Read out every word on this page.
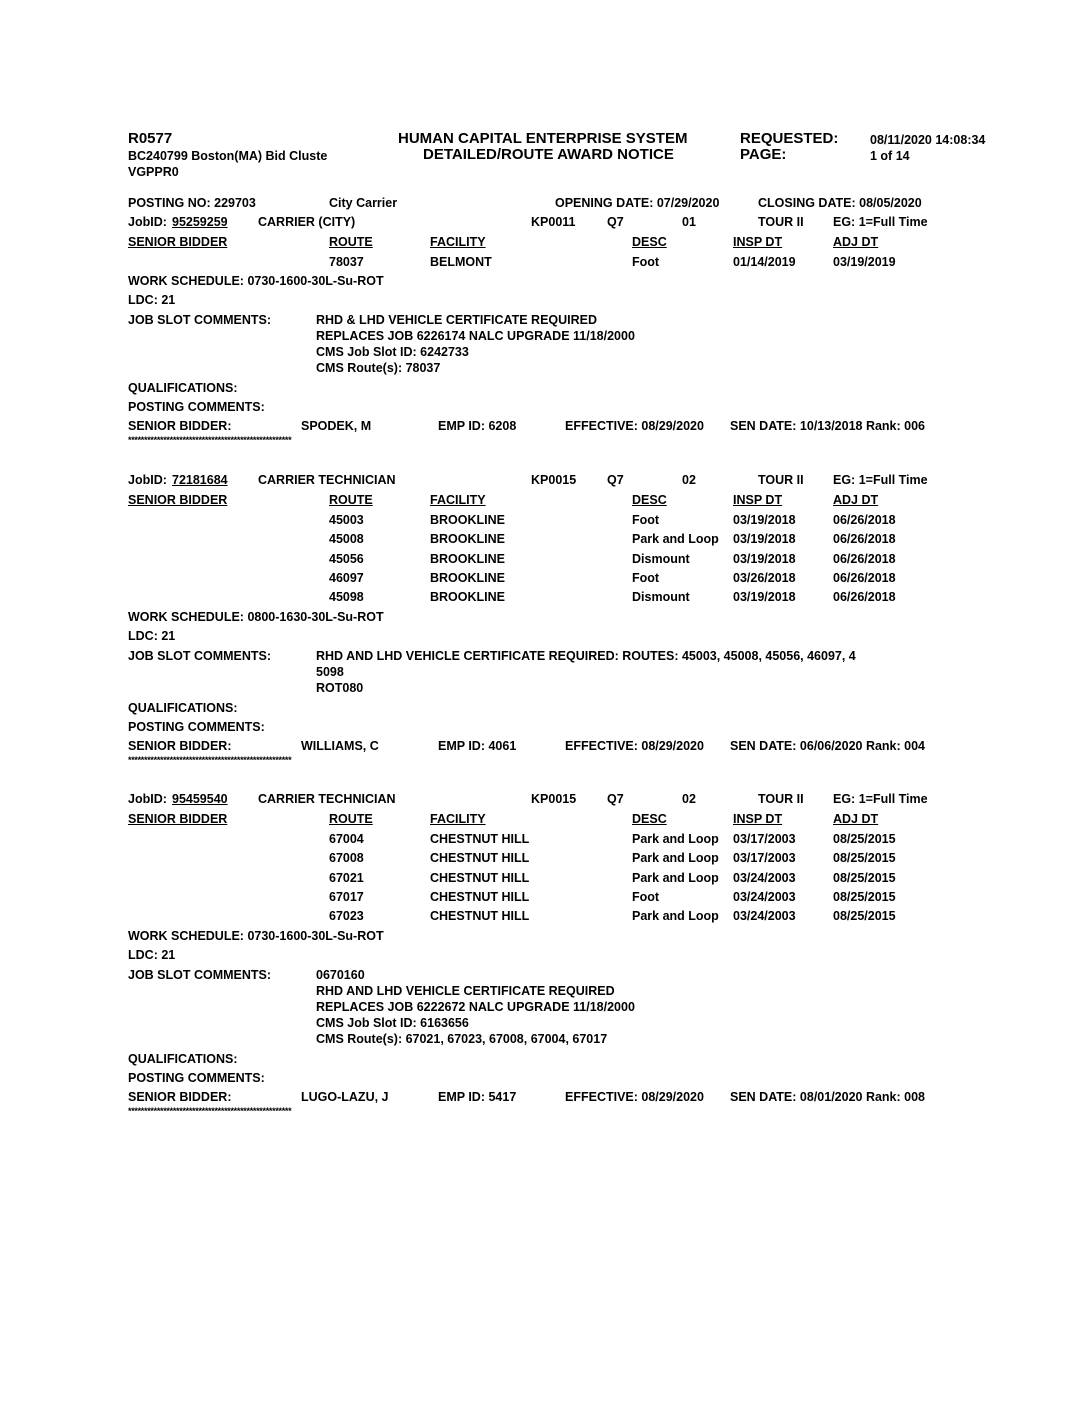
R0577
BC240799 Boston(MA) Bid Cluste
VGPPR0
HUMAN CAPITAL ENTERPRISE SYSTEM
DETAILED/ROUTE AWARD NOTICE
REQUESTED:
PAGE:
08/11/2020 14:08:34
1 of 14
POSTING NO: 229703	City Carrier	OPENING DATE: 07/29/2020	CLOSING DATE: 08/05/2020
JobID: 95259259 CARRIER (CITY)	KP0011	Q7	01	TOUR II EG: 1=Full Time
SENIOR BIDDER	ROUTE	FACILITY	DESC	INSP DT	ADJ DT
78037	BELMONT	Foot	01/14/2019	03/19/2019
WORK SCHEDULE: 0730-1600-30L-Su-ROT
LDC: 21
JOB SLOT COMMENTS:	RHD & LHD VEHICLE CERTIFICATE REQUIRED
REPLACES JOB 6226174 NALC UPGRADE 11/18/2000
CMS Job Slot ID: 6242733
CMS Route(s): 78037
QUALIFICATIONS:
POSTING COMMENTS:
SENIOR BIDDER:	SPODEK, M	EMP ID: 6208	EFFECTIVE: 08/29/2020 SEN DATE: 10/13/2018 Rank: 006
***************************************************
JobID: 72181684 CARRIER TECHNICIAN	KP0015 Q7	02	TOUR II EG: 1=Full Time
SENIOR BIDDER	ROUTE	FACILITY	DESC	INSP DT	ADJ DT
45003	BROOKLINE	Foot	03/19/2018	06/26/2018
45008	BROOKLINE	Park and Loop 03/19/2018	06/26/2018
45056	BROOKLINE	Dismount	03/19/2018	06/26/2018
46097	BROOKLINE	Foot	03/26/2018	06/26/2018
45098	BROOKLINE	Dismount	03/19/2018	06/26/2018
WORK SCHEDULE: 0800-1630-30L-Su-ROT
LDC: 21
JOB SLOT COMMENTS:	RHD AND LHD VEHICLE CERTIFICATE REQUIRED: ROUTES: 45003, 45008, 45056, 46097, 4
5098
ROT080
QUALIFICATIONS:
POSTING COMMENTS:
SENIOR BIDDER:	WILLIAMS, C	EMP ID: 4061	EFFECTIVE: 08/29/2020 SEN DATE: 06/06/2020 Rank: 004
***************************************************
JobID: 95459540 CARRIER TECHNICIAN	KP0015 Q7	02	TOUR II EG: 1=Full Time
SENIOR BIDDER	ROUTE	FACILITY	DESC	INSP DT	ADJ DT
67004	CHESTNUT HILL	Park and Loop 03/17/2003	08/25/2015
67008	CHESTNUT HILL	Park and Loop 03/17/2003	08/25/2015
67021	CHESTNUT HILL	Park and Loop 03/24/2003	08/25/2015
67017	CHESTNUT HILL	Foot	03/24/2003	08/25/2015
67023	CHESTNUT HILL	Park and Loop 03/24/2003	08/25/2015
WORK SCHEDULE: 0730-1600-30L-Su-ROT
LDC: 21
JOB SLOT COMMENTS:	0670160
RHD AND LHD VEHICLE CERTIFICATE REQUIRED
REPLACES JOB 6222672 NALC UPGRADE 11/18/2000
CMS Job Slot ID: 6163656
CMS Route(s): 67021, 67023, 67008, 67004, 67017
QUALIFICATIONS:
POSTING COMMENTS:
SENIOR BIDDER:	LUGO-LAZU, J	EMP ID: 5417	EFFECTIVE: 08/29/2020 SEN DATE: 08/01/2020 Rank: 008
***************************************************
